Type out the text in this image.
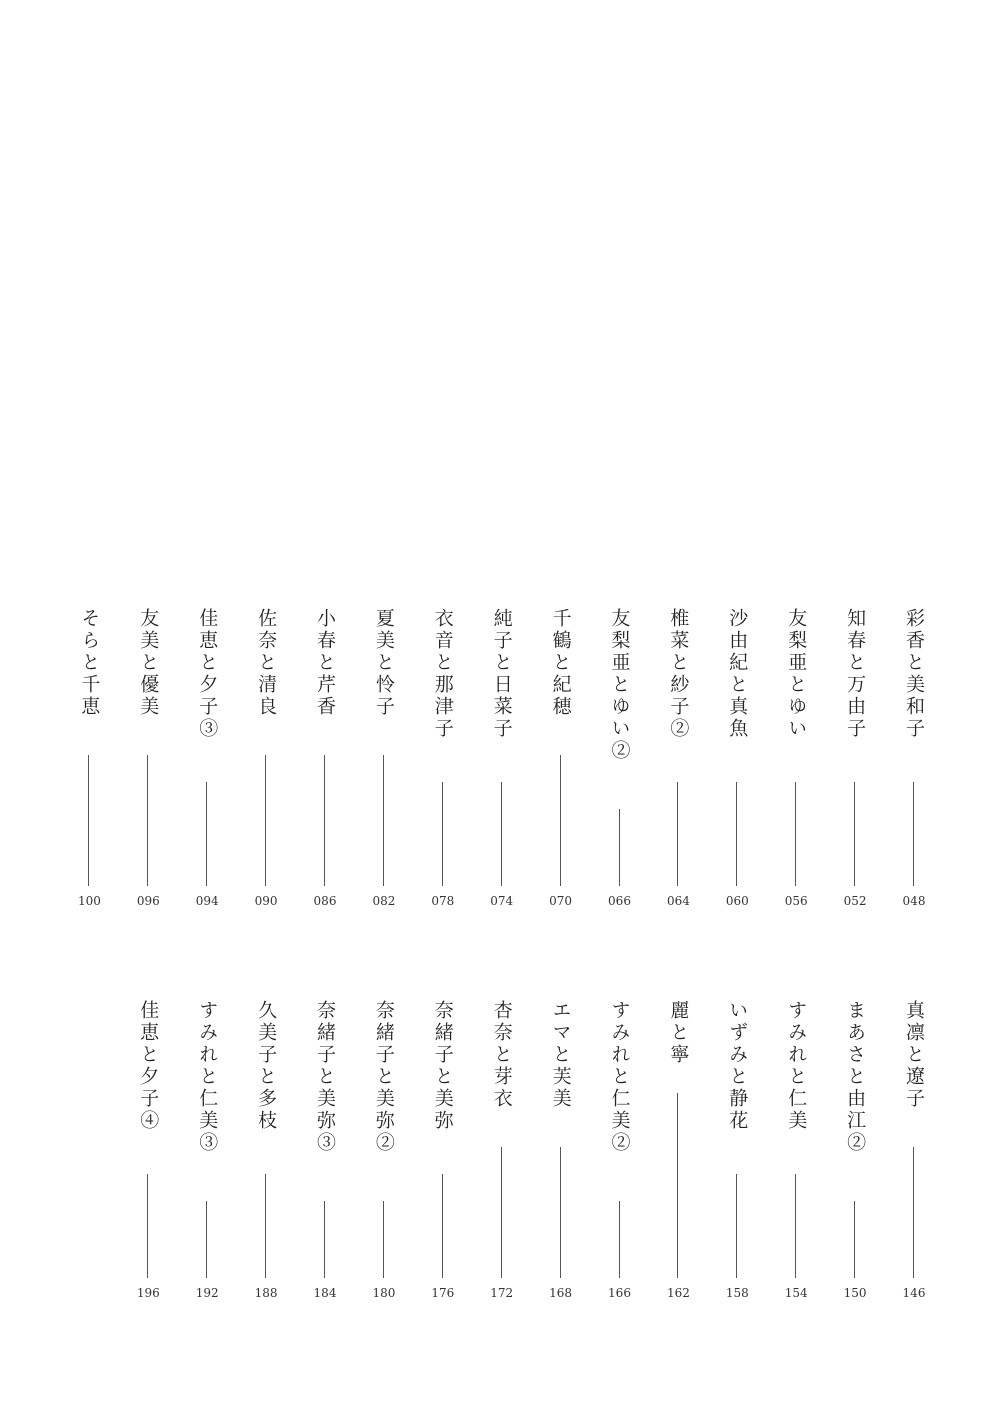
彩香と美和子
048
知春と万由子
052
友梨亜とゆい
056
沙由紀と真魚
060
椎菜と紗子②
064
友梨亜とゆい②
066
千鶴と紀穂
070
純子と日菜子
074
衣音と那津子
078
夏美と怜子
082
小春と芹香
086
佐奈と清良
090
佳恵と夕子③
094
友美と優美
096
そらと千恵
100
真凛と遼子
146
まあさと由江②
150
すみれと仁美
154
いずみと静花
158
麗と寧
162
すみれと仁美②
166
エマと芙美
168
杏奈と芽衣
172
奈緒子と美弥
176
奈緒子と美弥②
180
奈緒子と美弥③
184
久美子と多枝
188
すみれと仁美③
192
佳恵と夕子④
196
